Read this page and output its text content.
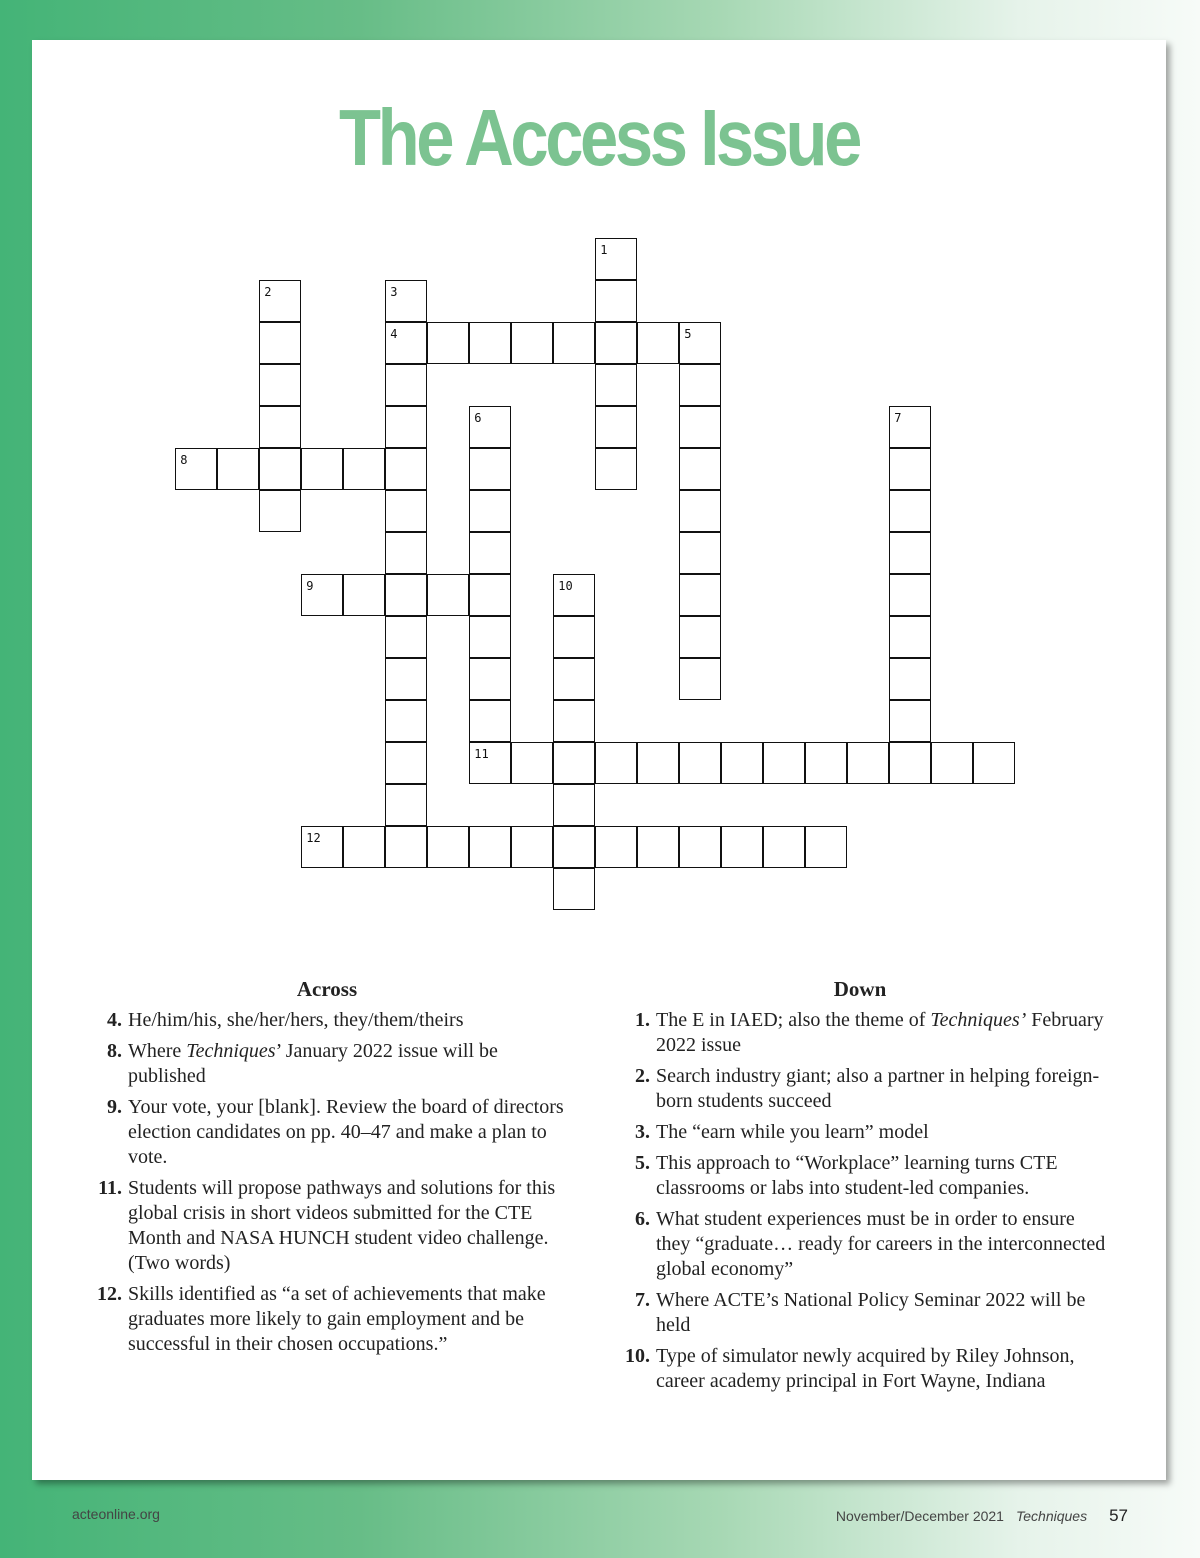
The Access Issue
1
2	3
4	5
6	7
8
9	10
11
12
Across
4. He/him/his, she/her/hers, they/them/theirs
8. Where Techniques’ January 2022 issue will be published
9. Your vote, your [blank]. Review the board of directors election candidates on pp. 40–47 and make a plan to vote.
11. Students will propose pathways and solutions for this global crisis in short videos submitted for the CTE Month and NASA HUNCH student video challenge. (Two words)
12. Skills identified as “a set of achievements that make graduates more likely to gain employment and be successful in their chosen occupations.”
Down
1. The E in IAED; also the theme of Techniques’ February 2022 issue
2. Search industry giant; also a partner in helping foreign-born students succeed
3. The “earn while you learn” model
5. This approach to “Workplace” learning turns CTE classrooms or labs into student-led companies.
6. What student experiences must be in order to ensure they “graduate… ready for careers in the interconnected global economy”
7. Where ACTE’s National Policy Seminar 2022 will be held
10. Type of simulator newly acquired by Riley Johnson, career academy principal in Fort Wayne, Indiana
acteonline.org	November/December 2021 Techniques 57
